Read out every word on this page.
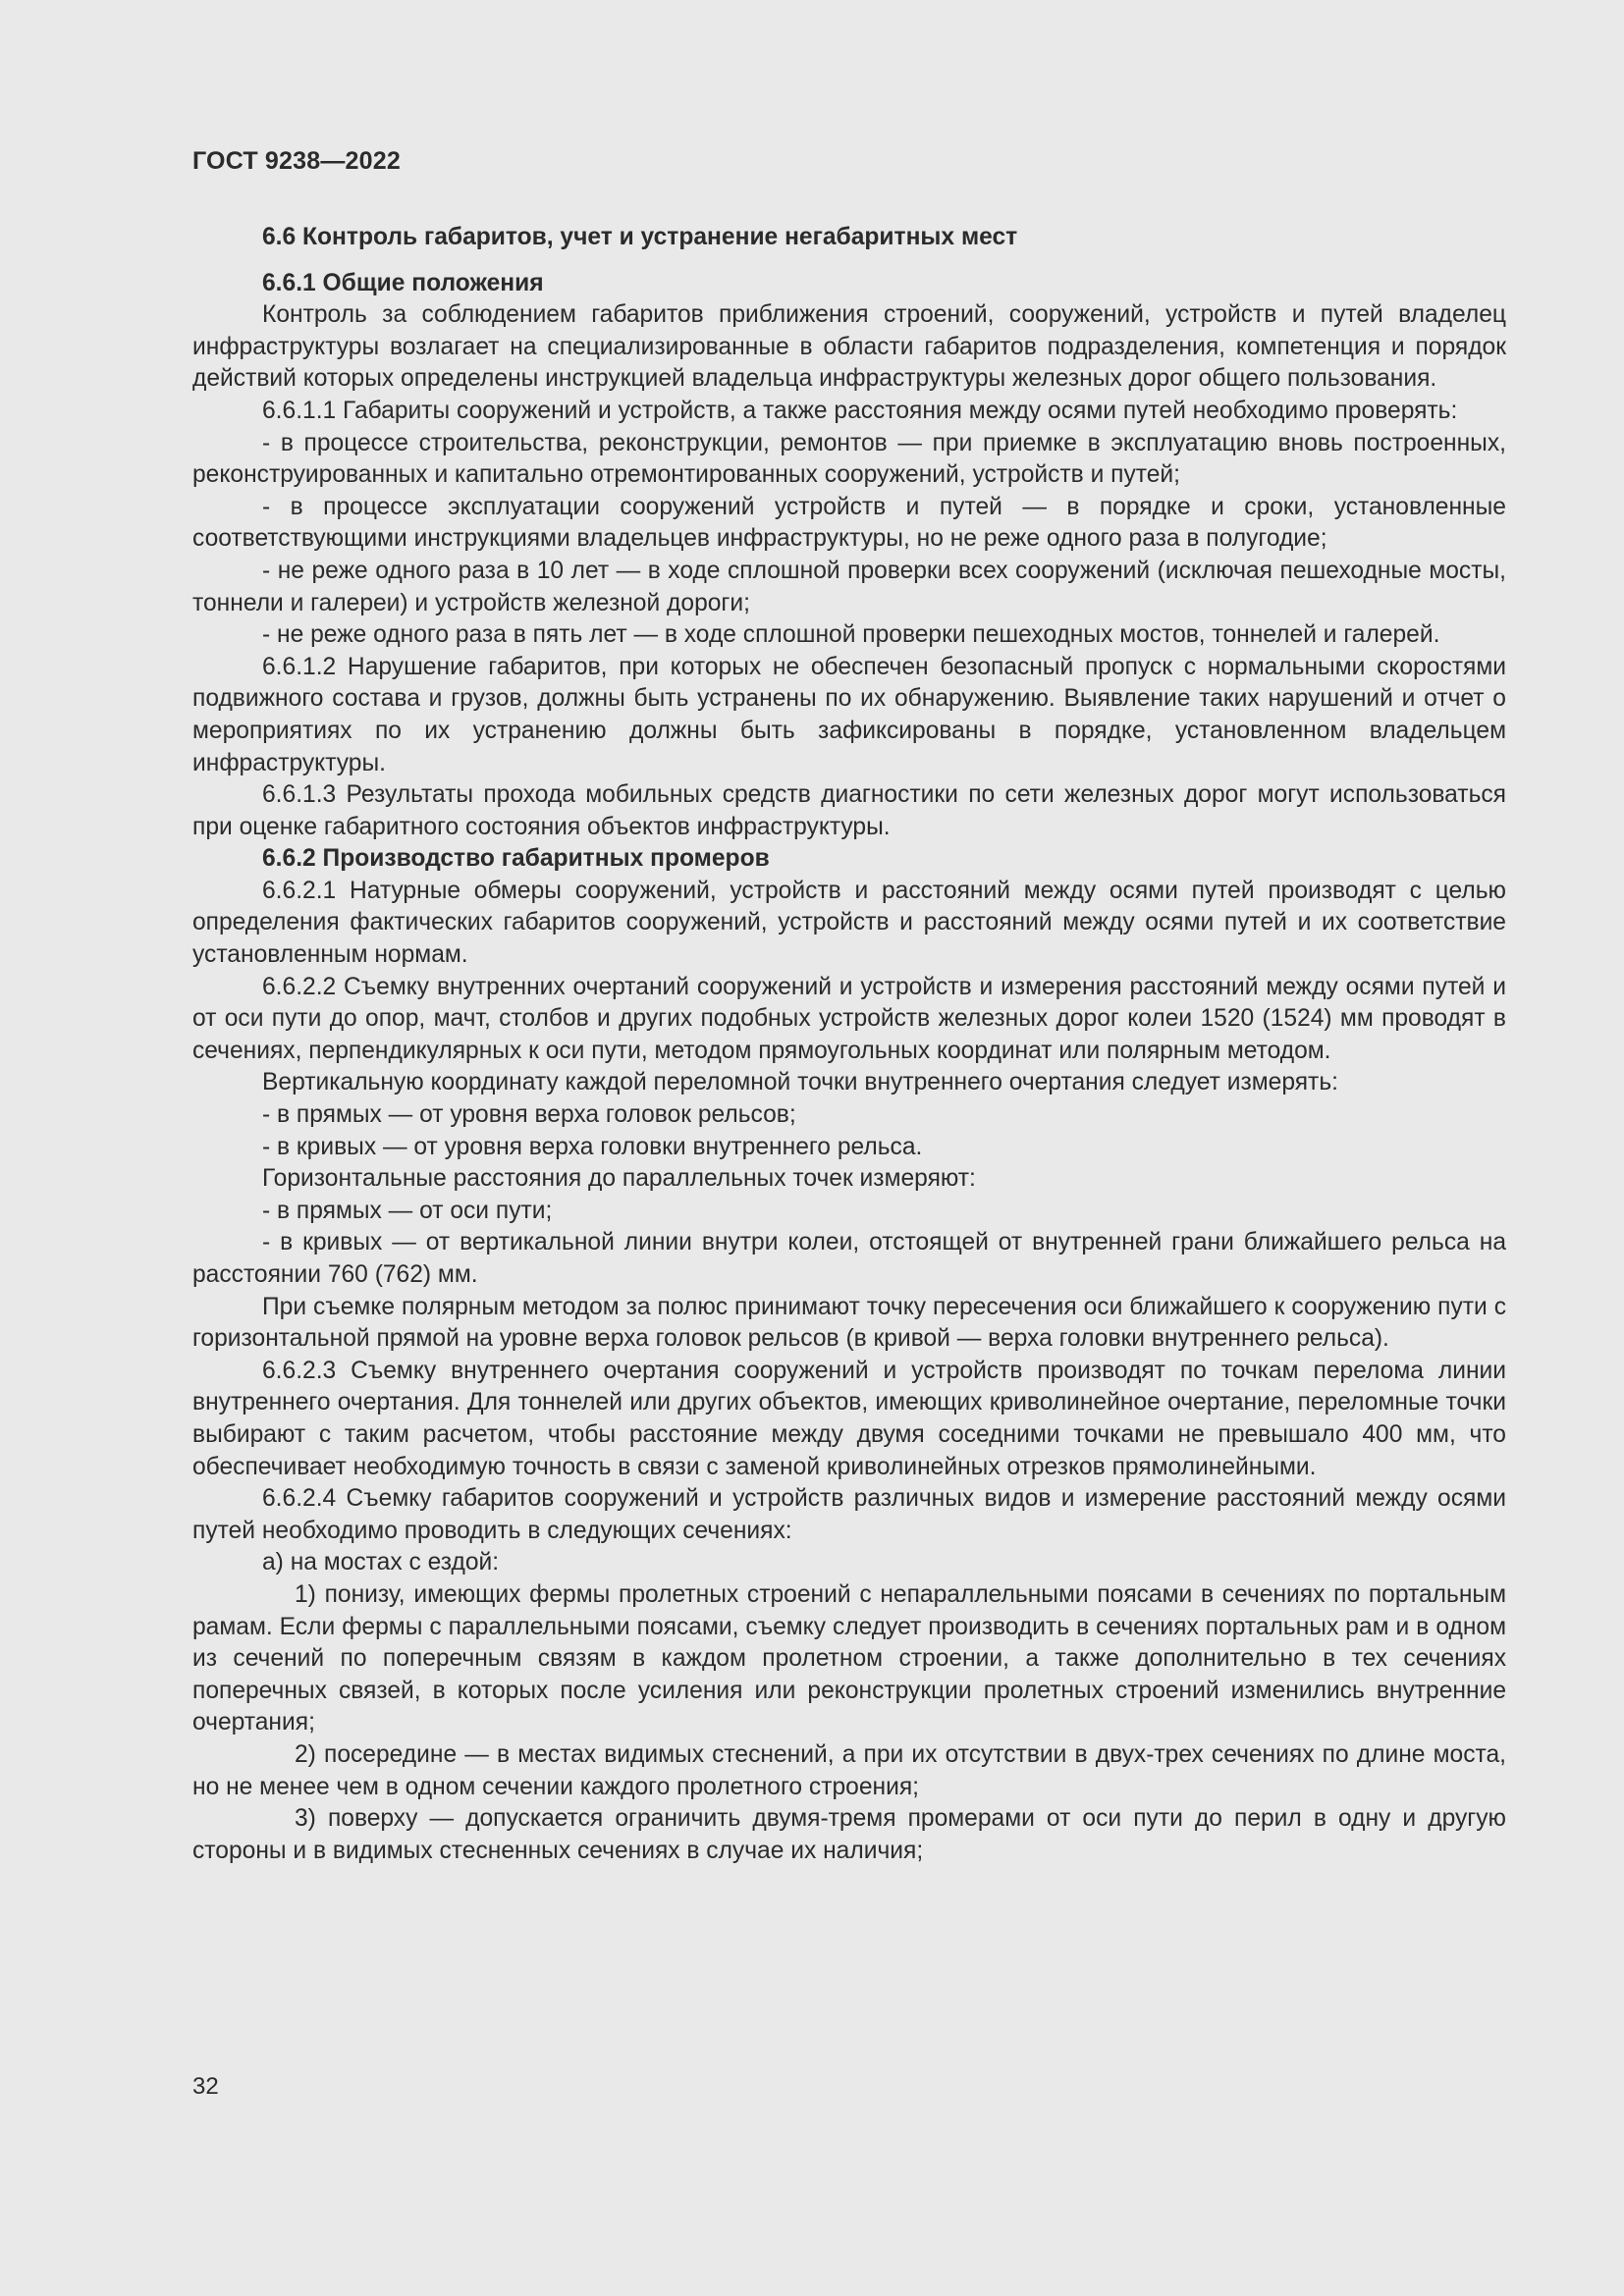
ГОСТ 9238—2022

6.6 Контроль габаритов, учет и устранение негабаритных мест

6.6.1 Общие положения

Контроль за соблюдением габаритов приближения строений, сооружений, устройств и путей владелец инфраструктуры возлагает на специализированные в области габаритов подразделения, компетенция и порядок действий которых определены инструкцией владельца инфраструктуры железных дорог общего пользования.

6.6.1.1 Габариты сооружений и устройств, а также расстояния между осями путей необходимо проверять:

- в процессе строительства, реконструкции, ремонтов — при приемке в эксплуатацию вновь построенных, реконструированных и капитально отремонтированных сооружений, устройств и путей;

- в процессе эксплуатации сооружений устройств и путей — в порядке и сроки, установленные соответствующими инструкциями владельцев инфраструктуры, но не реже одного раза в полугодие;

- не реже одного раза в 10 лет — в ходе сплошной проверки всех сооружений (исключая пешеходные мосты, тоннели и галереи) и устройств железной дороги;

- не реже одного раза в пять лет — в ходе сплошной проверки пешеходных мостов, тоннелей и галерей.

6.6.1.2 Нарушение габаритов, при которых не обеспечен безопасный пропуск с нормальными скоростями подвижного состава и грузов, должны быть устранены по их обнаружению. Выявление таких нарушений и отчет о мероприятиях по их устранению должны быть зафиксированы в порядке, установленном владельцем инфраструктуры.

6.6.1.3 Результаты прохода мобильных средств диагностики по сети железных дорог могут использоваться при оценке габаритного состояния объектов инфраструктуры.

6.6.2 Производство габаритных промеров

6.6.2.1 Натурные обмеры сооружений, устройств и расстояний между осями путей производят с целью определения фактических габаритов сооружений, устройств и расстояний между осями путей и их соответствие установленным нормам.

6.6.2.2 Съемку внутренних очертаний сооружений и устройств и измерения расстояний между осями путей и от оси пути до опор, мачт, столбов и других подобных устройств железных дорог колеи 1520 (1524) мм проводят в сечениях, перпендикулярных к оси пути, методом прямоугольных координат или полярным методом.

Вертикальную координату каждой переломной точки внутреннего очертания следует измерять:

- в прямых — от уровня верха головок рельсов;

- в кривых — от уровня верха головки внутреннего рельса.

Горизонтальные расстояния до параллельных точек измеряют:

- в прямых — от оси пути;

- в кривых — от вертикальной линии внутри колеи, отстоящей от внутренней грани ближайшего рельса на расстоянии 760 (762) мм.

При съемке полярным методом за полюс принимают точку пересечения оси ближайшего к сооружению пути с горизонтальной прямой на уровне верха головок рельсов (в кривой — верха головки внутреннего рельса).

6.6.2.3 Съемку внутреннего очертания сооружений и устройств производят по точкам перелома линии внутреннего очертания. Для тоннелей или других объектов, имеющих криволинейное очертание, переломные точки выбирают с таким расчетом, чтобы расстояние между двумя соседними точками не превышало 400 мм, что обеспечивает необходимую точность в связи с заменой криволинейных отрезков прямолинейными.

6.6.2.4 Съемку габаритов сооружений и устройств различных видов и измерение расстояний между осями путей необходимо проводить в следующих сечениях:

а) на мостах с ездой:

1) понизу, имеющих фермы пролетных строений с непараллельными поясами в сечениях по портальным рамам. Если фермы с параллельными поясами, съемку следует производить в сечениях портальных рам и в одном из сечений по поперечным связям в каждом пролетном строении, а также дополнительно в тех сечениях поперечных связей, в которых после усиления или реконструкции пролетных строений изменились внутренние очертания;

2) посередине — в местах видимых стеснений, а при их отсутствии в двух-трех сечениях по длине моста, но не менее чем в одном сечении каждого пролетного строения;

3) поверху — допускается ограничить двумя-тремя промерами от оси пути до перил в одну и другую стороны и в видимых стесненных сечениях в случае их наличия;

32
